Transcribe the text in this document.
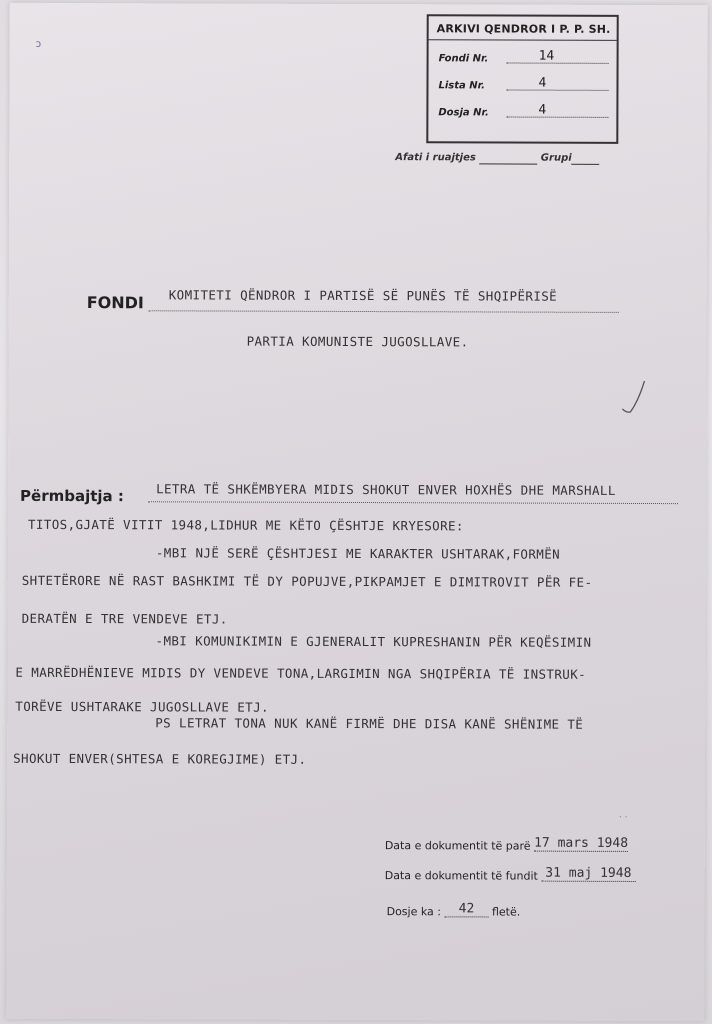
ↄ
ARKIVI QENDROR I P. P. SH.
Fondi Nr.	14
Lista Nr.	4
Dosja Nr.	4
Afati i ruajtjes	Grupi
FONDI KOMITETI QËNDROR I PARTISË SË PUNËS TË SHQIPËRISË
PARTIA KOMUNISTE JUGOSLLAVE.
Përmbajtja :	LETRA TË SHKËMBYERA MIDIS SHOKUT ENVER HOXHËS DHE MARSHALL
TITOS,GJATË VITIT 1948,LIDHUR ME KËTO ÇËSHTJE KRYESORE:
-MBI NJË SERË ÇËSHTJESI ME KARAKTER USHTARAK,FORMËN
SHTETËRORE NË RAST BASHKIMI TË DY POPUJVE,PIKPAMJET E DIMITROVIT PËR FE-
DERATËN E TRE VENDEVE ETJ.
-MBI KOMUNIKIMIN E GJENERALIT KUPRESHANIN PËR KEQËSIMIN
E MARRËDHËNIEVE MIDIS DY VENDEVE TONA,LARGIMIN NGA SHQIPËRIA TË INSTRUK-
TORËVE USHTARAKE JUGOSLLAVE ETJ.
PS LETRAT TONA NUK KANË FIRMË DHE DISA KANË SHËNIME TË
SHOKUT ENVER(SHTESA E KOREGJIME) ETJ.
· ·
Data e dokumentit të parë 17 mars 1948
Data e dokumentit të fundit 31 maj 1948
Dosje ka : 42 fletë.
